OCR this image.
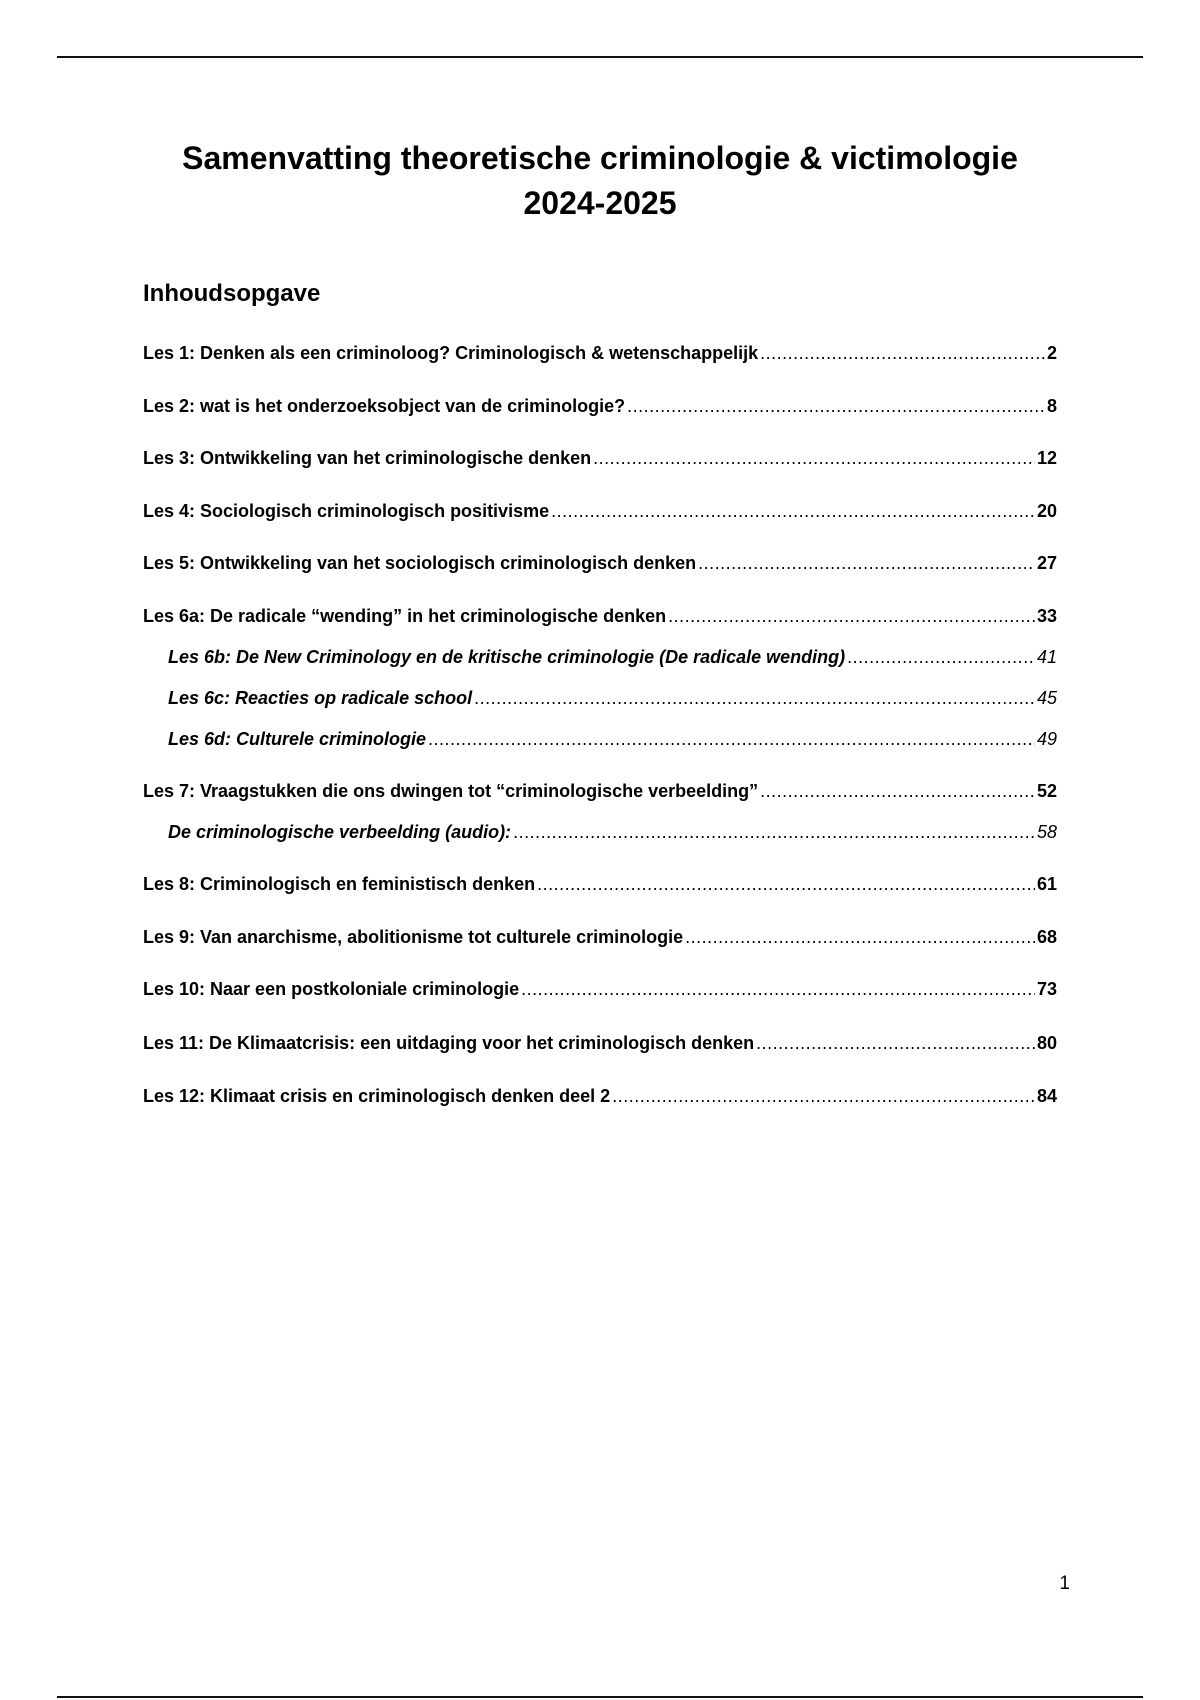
Samenvatting theoretische criminologie & victimologie
2024-2025
Inhoudsopgave
Les 1: Denken als een criminoloog? Criminologisch & wetenschappelijk .....	2
Les 2: wat is het onderzoeksobject van de criminologie? .....	8
Les 3: Ontwikkeling van het criminologische denken .....	12
Les 4: Sociologisch criminologisch positivisme .....	20
Les 5: Ontwikkeling van het sociologisch criminologisch denken .....	27
Les 6a: De radicale “wending” in het criminologische denken .....	33
Les 6b: De New Criminology en de kritische criminologie (De radicale wending) .....	41
Les 6c: Reacties op radicale school .....	45
Les 6d: Culturele criminologie .....	49
Les 7: Vraagstukken die ons dwingen tot “criminologische verbeelding” .....	52
De criminologische verbeelding (audio): .....	58
Les 8: Criminologisch en feministisch denken .....	61
Les 9: Van anarchisme, abolitionisme tot culturele criminologie .....	68
Les 10: Naar een postkoloniale criminologie .....	73
Les 11: De Klimaatcrisis: een uitdaging voor het criminologisch denken .....	80
Les 12: Klimaat crisis en criminologisch denken deel 2 .....	84

1
